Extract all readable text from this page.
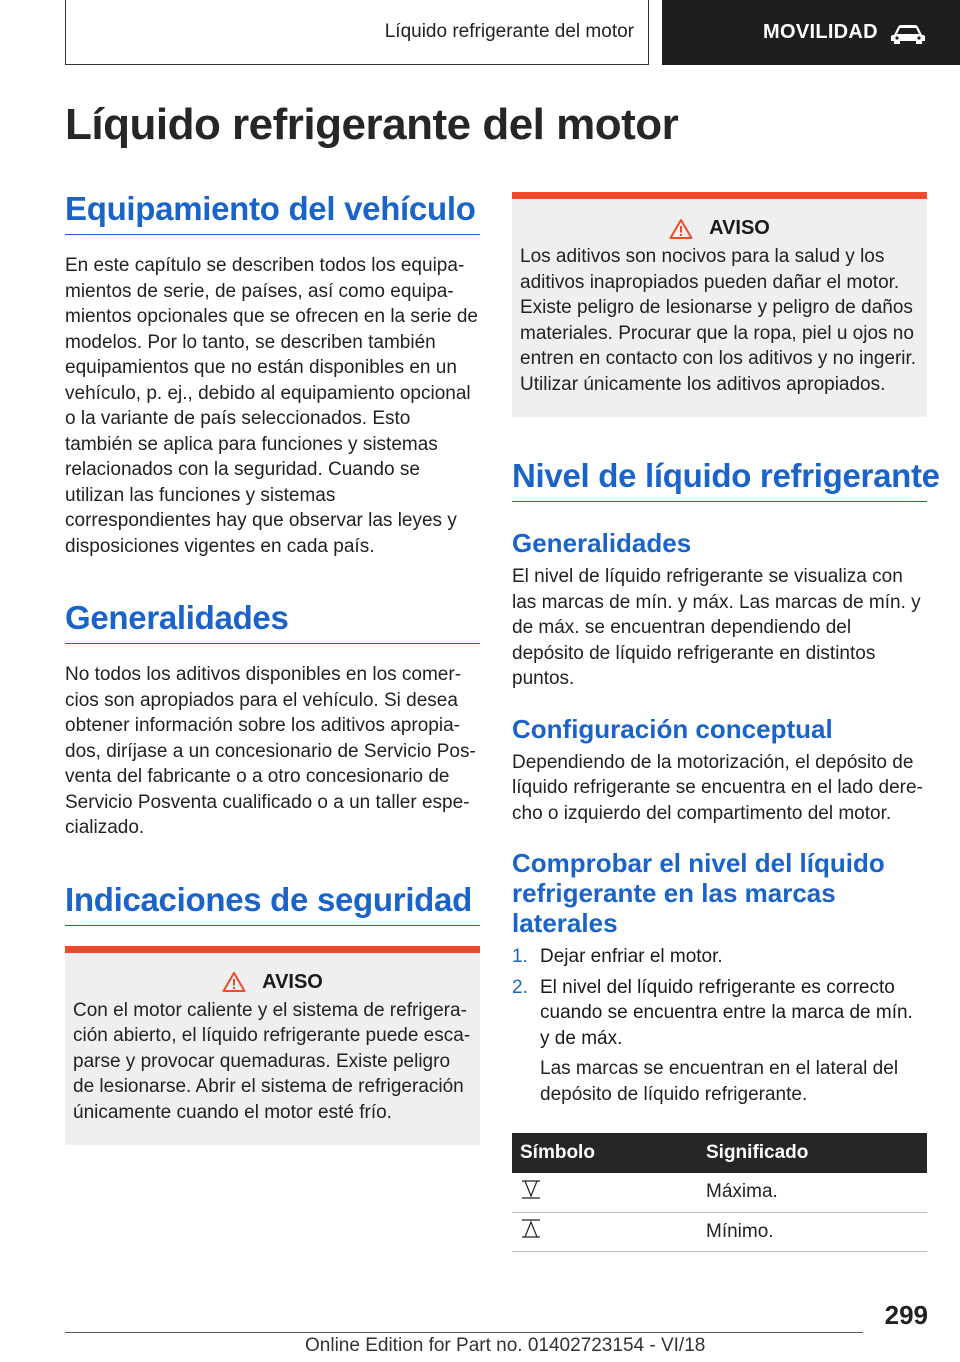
Líquido refrigerante del motor	MOVILIDAD
Líquido refrigerante del motor
Equipamiento del vehículo

En este capítulo se describen todos los equipamientos de serie, de países, así como equipamientos opcionales que se ofrecen en la serie de modelos. Por lo tanto, se describen también equipamientos que no están disponibles en un vehículo, p. ej., debido al equipamiento opcional o la variante de país seleccionados. Esto también se aplica para funciones y sistemas relacionados con la seguridad. Cuando se utilizan las funciones y sistemas correspondientes hay que observar las leyes y disposiciones vigentes en cada país.

Generalidades

No todos los aditivos disponibles en los comercios son apropiados para el vehículo. Si desea obtener información sobre los aditivos apropiados, diríjase a un concesionario de Servicio Posventa del fabricante o a otro concesionario de Servicio Posventa cualificado o a un taller especializado.

Indicaciones de seguridad
AVISO

Con el motor caliente y el sistema de refrigeración abierto, el líquido refrigerante puede escaparse y provocar quemaduras. Existe peligro de lesionarse. Abrir el sistema de refrigeración únicamente cuando el motor esté frío.

AVISO

Los aditivos son nocivos para la salud y los aditivos inapropiados pueden dañar el motor. Existe peligro de lesionarse y peligro de daños materiales. Procurar que la ropa, piel u ojos no entren en contacto con los aditivos y no ingerir. Utilizar únicamente los aditivos apropiados.

Nivel de líquido refrigerante
Generalidades

El nivel de líquido refrigerante se visualiza con las marcas de mín. y máx. Las marcas de mín. y de máx. se encuentran dependiendo del depósito de líquido refrigerante en distintos puntos.

Configuración conceptual

Dependiendo de la motorización, el depósito de líquido refrigerante se encuentra en el lado derecho o izquierdo del compartimento del motor.

Comprobar el nivel del líquido refrigerante en las marcas laterales
1. Dejar enfriar el motor.
2. El nivel del líquido refrigerante es correcto cuando se encuentra entre la marca de mín. y de máx.

Las marcas se encuentran en el lateral del depósito de líquido refrigerante.

Símbolo	Significado
	Máxima.
	Mínimo.
299
Online Edition for Part no. 01402723154 - VI/18
